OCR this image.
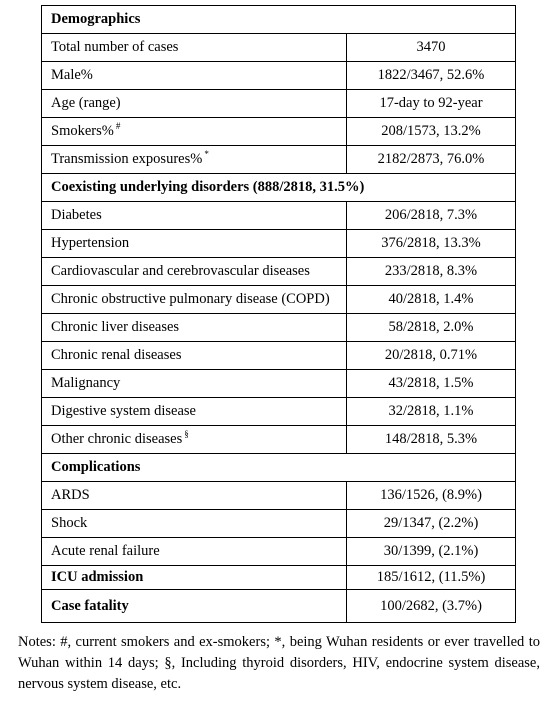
Demographics	
Total number of cases	3470
Male%	1822/3467, 52.6%
Age (range)	17-day to 92-year
Smokers% #	208/1573, 13.2%
Transmission exposures% *	2182/2873, 76.0%
Coexisting underlying disorders (888/2818, 31.5%)	
Diabetes	206/2818, 7.3%
Hypertension	376/2818, 13.3%
Cardiovascular and cerebrovascular diseases	233/2818, 8.3%
Chronic obstructive pulmonary disease (COPD)	40/2818, 1.4%
Chronic liver diseases	58/2818, 2.0%
Chronic renal diseases	20/2818, 0.71%
Malignancy	43/2818, 1.5%
Digestive system disease	32/2818, 1.1%
Other chronic diseases §	148/2818, 5.3%
Complications	
ARDS	136/1526, (8.9%)
Shock	29/1347, (2.2%)
Acute renal failure	30/1399, (2.1%)
ICU admission	185/1612, (11.5%)
Case fatality	100/2682, (3.7%)
Notes: #, current smokers and ex-smokers; *, being Wuhan residents or ever travelled to Wuhan within 14 days; §, Including thyroid disorders, HIV, endocrine system disease, nervous system disease, etc.
